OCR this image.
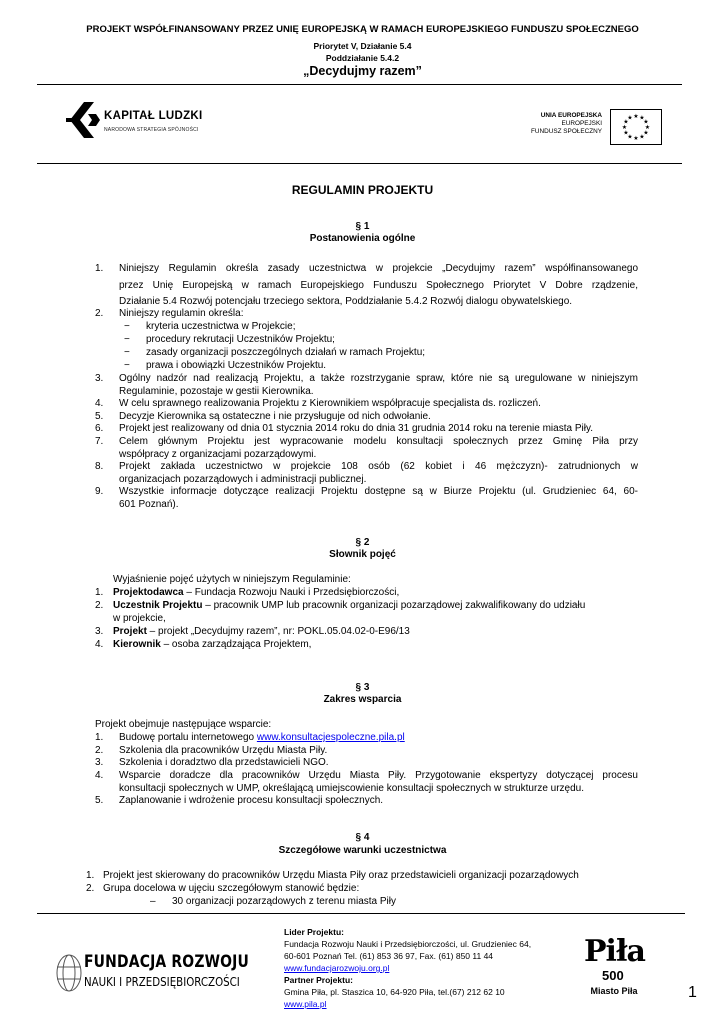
PROJEKT WSPÓŁFINANSOWANY PRZEZ UNIĘ EUROPEJSKĄ W RAMACH EUROPEJSKIEGO FUNDUSZU SPOŁECZNEGO
Priorytet V, Działanie 5.4
Poddziałanie 5.4.2
„Decydujmy razem”
KAPITAŁ LUDZKI
NARODOWA STRATEGIA SPÓJNOŚCI
UNIA EUROPEJSKA
EUROPEJSKI
FUNDUSZ SPOŁECZNY
★ ★
★
★
★
★
★
★
★
★
★
★
REGULAMIN PROJEKTU
§ 1
Postanowienia ogólne
1. Niniejszy Regulamin określa zasady uczestnictwa w projekcie „Decydujmy razem” współfinansowanego
przez Unię Europejską w ramach Europejskiego Funduszu Społecznego Priorytet V Dobre rządzenie,
Działanie 5.4 Rozwój potencjału trzeciego sektora, Poddziałanie 5.4.2 Rozwój dialogu obywatelskiego.
2. Niniejszy regulamin określa:
− kryteria uczestnictwa w Projekcie;
− procedury rekrutacji Uczestników Projektu;
− zasady organizacji poszczególnych działań w ramach Projektu;
− prawa i obowiązki Uczestników Projektu.
3. Ogólny nadzór nad realizacją Projektu, a także rozstrzyganie spraw, które nie są uregulowane w niniejszym
Regulaminie, pozostaje w gestii Kierownika.
4. W celu sprawnego realizowania Projektu z Kierownikiem współpracuje specjalista ds. rozliczeń.
5. Decyzje Kierownika są ostateczne i nie przysługuje od nich odwołanie.
6. Projekt jest realizowany od dnia 01 stycznia 2014 roku do dnia 31 grudnia 2014 roku na terenie miasta Piły.
7. Celem głównym Projektu jest wypracowanie modelu konsultacji społecznych przez Gminę Piła przy
współpracy z organizacjami pozarządowymi.
8. Projekt zakłada uczestnictwo w projekcie 108 osób (62 kobiet i 46 mężczyzn)- zatrudnionych w
organizacjach pozarządowych i administracji publicznej.
9. Wszystkie informacje dotyczące realizacji Projektu dostępne są w Biurze Projektu (ul. Grudzieniec 64, 60-
601 Poznań).
§ 2
Słownik pojęć
Wyjaśnienie pojęć użytych w niniejszym Regulaminie:
1. Projektodawca – Fundacja Rozwoju Nauki i Przedsiębiorczości,
2. Uczestnik Projektu – pracownik UMP lub pracownik organizacji pozarządowej zakwalifikowany do udziału
w projekcie,
3. Projekt – projekt „Decydujmy razem”, nr: POKL.05.04.02-0-E96/13
4. Kierownik – osoba zarządzająca Projektem,
§ 3
Zakres wsparcia
Projekt obejmuje następujące wsparcie:
1. Budowę portalu internetowego www.konsultacjespoleczne.pila.pl
2. Szkolenia dla pracowników Urzędu Miasta Piły.
3. Szkolenia i doradztwo dla przedstawicieli NGO.
4. Wsparcie doradcze dla pracowników Urzędu Miasta Piły. Przygotowanie ekspertyzy dotyczącej procesu
konsultacji społecznych w UMP, określającą umiejscowienie konsultacji społecznych w strukturze urzędu.
5. Zaplanowanie i wdrożenie procesu konsultacji społecznych.
§ 4
Szczegółowe warunki uczestnictwa
1. Projekt jest skierowany do pracowników Urzędu Miasta Piły oraz przedstawicieli organizacji pozarządowych
2. Grupa docelowa w ujęciu szczegółowym stanowić będzie:
– 30 organizacji pozarządowych z terenu miasta Piły
FUNDACJA ROZWOJU
NAUKI I PRZEDSIĘBIORCZOŚCI
Lider Projektu:
Fundacja Rozwoju Nauki i Przedsiębiorczości, ul. Grudzieniec 64,
60-601 Poznań Tel. (61) 853 36 97, Fax. (61) 850 11 44
www.fundacjarozwoju.org.pl
Partner Projektu:
Gmina Piła, pl. Staszica 10, 64-920 Piła, tel.(67) 212 62 10
www.pila.pl
Piła
500
Miasto Piła	1
